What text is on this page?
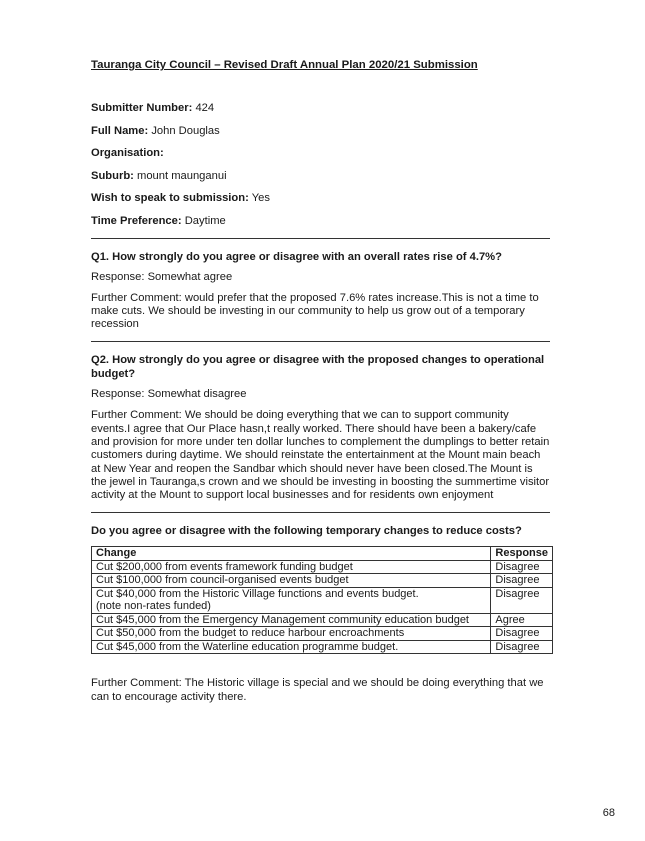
Tauranga City Council – Revised Draft Annual Plan 2020/21 Submission

Submitter Number: 424

Full Name: John Douglas

Organisation:

Suburb: mount maunganui

Wish to speak to submission: Yes

Time Preference: Daytime

Q1. How strongly do you agree or disagree with an overall rates rise of 4.7%?

Response: Somewhat agree

Further Comment: would prefer that the proposed 7.6% rates increase.This is not a time to make cuts. We should be investing in our community to help us grow out of a temporary recession

Q2. How strongly do you agree or disagree with the proposed changes to operational budget?

Response: Somewhat disagree

Further Comment: We should be doing everything that we can to support community events.I agree that Our Place hasn,t really worked. There should have been a bakery/cafe and provision for more under ten dollar lunches to complement the dumplings to better retain customers during daytime. We should reinstate the entertainment at the Mount main beach at New Year and reopen the Sandbar which should never have been closed.The Mount is the jewel in Tauranga,s crown and we should be investing in boosting the summertime visitor activity at the Mount to support local businesses and for residents own enjoyment

Do you agree or disagree with the following temporary changes to reduce costs?

Change	Response
Cut $200,000 from events framework funding budget	Disagree
Cut $100,000 from council-organised events budget	Disagree
Cut $40,000 from the Historic Village functions and events budget.
(note non-rates funded)	Disagree
Cut $45,000 from the Emergency Management community education budget	Agree
Cut $50,000 from the budget to reduce harbour encroachments	Disagree
Cut $45,000 from the Waterline education programme budget.	Disagree

Further Comment: The Historic village is special and we should be doing everything that we can to encourage activity there.

68
